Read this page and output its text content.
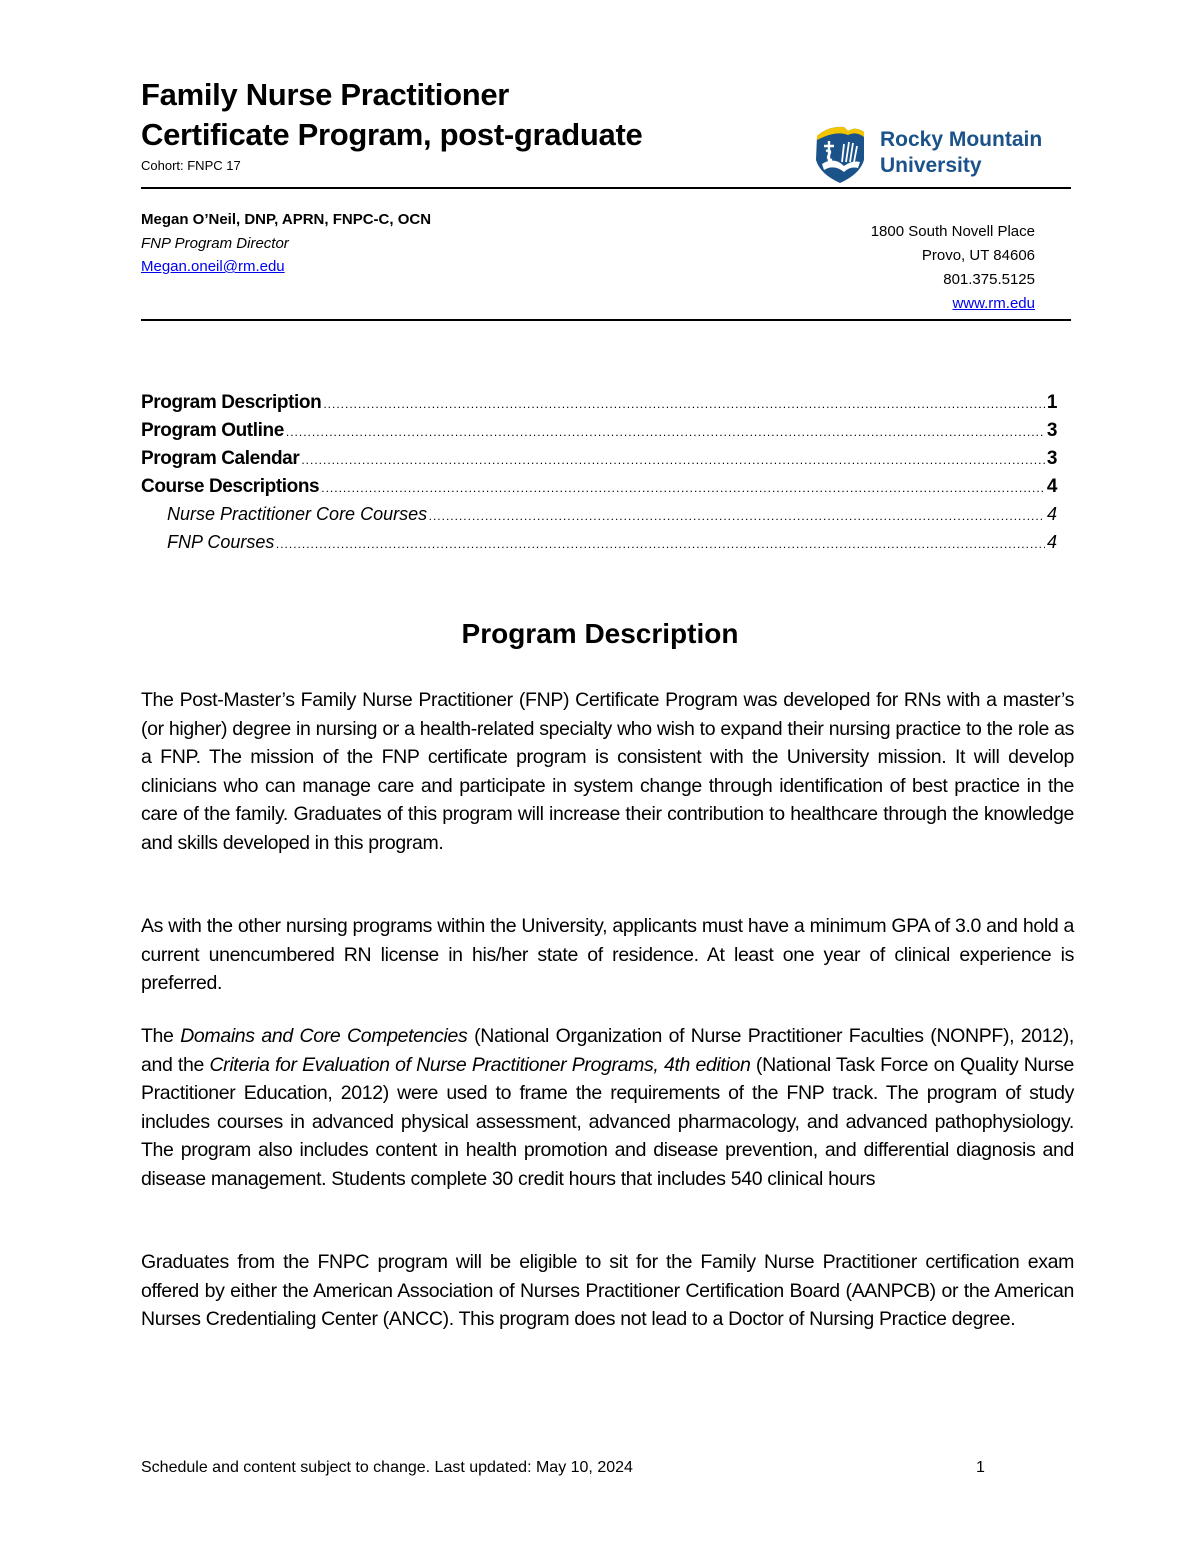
Family Nurse Practitioner
Certificate Program, post-graduate
Cohort: FNPC 17
Rocky Mountain
University
Megan O’Neil, DNP, APRN, FNPC-C, OCN
FNP Program Director
Megan.oneil@rm.edu
1800 South Novell Place
Provo, UT 84606
801.375.5125
www.rm.edu
Program Description .....	1
Program Outline .....	3
Program Calendar .....	3
Course Descriptions .....	4
Nurse Practitioner Core Courses .....	4
FNP Courses .....	4
Program Description

The Post-Master’s Family Nurse Practitioner (FNP) Certificate Program was developed for RNs with a master’s (or higher) degree in nursing or a health-related specialty who wish to expand their nursing practice to the role as a FNP. The mission of the FNP certificate program is consistent with the University mission. It will develop clinicians who can manage care and participate in system change through identification of best practice in the care of the family. Graduates of this program will increase their contribution to healthcare through the knowledge and skills developed in this program.

As with the other nursing programs within the University, applicants must have a minimum GPA of 3.0 and hold a current unencumbered RN license in his/her state of residence. At least one year of clinical experience is preferred.

The Domains and Core Competencies (National Organization of Nurse Practitioner Faculties (NONPF), 2012), and the Criteria for Evaluation of Nurse Practitioner Programs, 4th edition (National Task Force on Quality Nurse Practitioner Education, 2012) were used to frame the requirements of the FNP track. The program of study includes courses in advanced physical assessment, advanced pharmacology, and advanced pathophysiology. The program also includes content in health promotion and disease prevention, and differential diagnosis and disease management. Students complete 30 credit hours that includes 540 clinical hours

Graduates from the FNPC program will be eligible to sit for the Family Nurse Practitioner certification exam offered by either the American Association of Nurses Practitioner Certification Board (AANPCB) or the American Nurses Credentialing Center (ANCC). This program does not lead to a Doctor of Nursing Practice degree.

Schedule and content subject to change. Last updated: May 10, 2024	1
